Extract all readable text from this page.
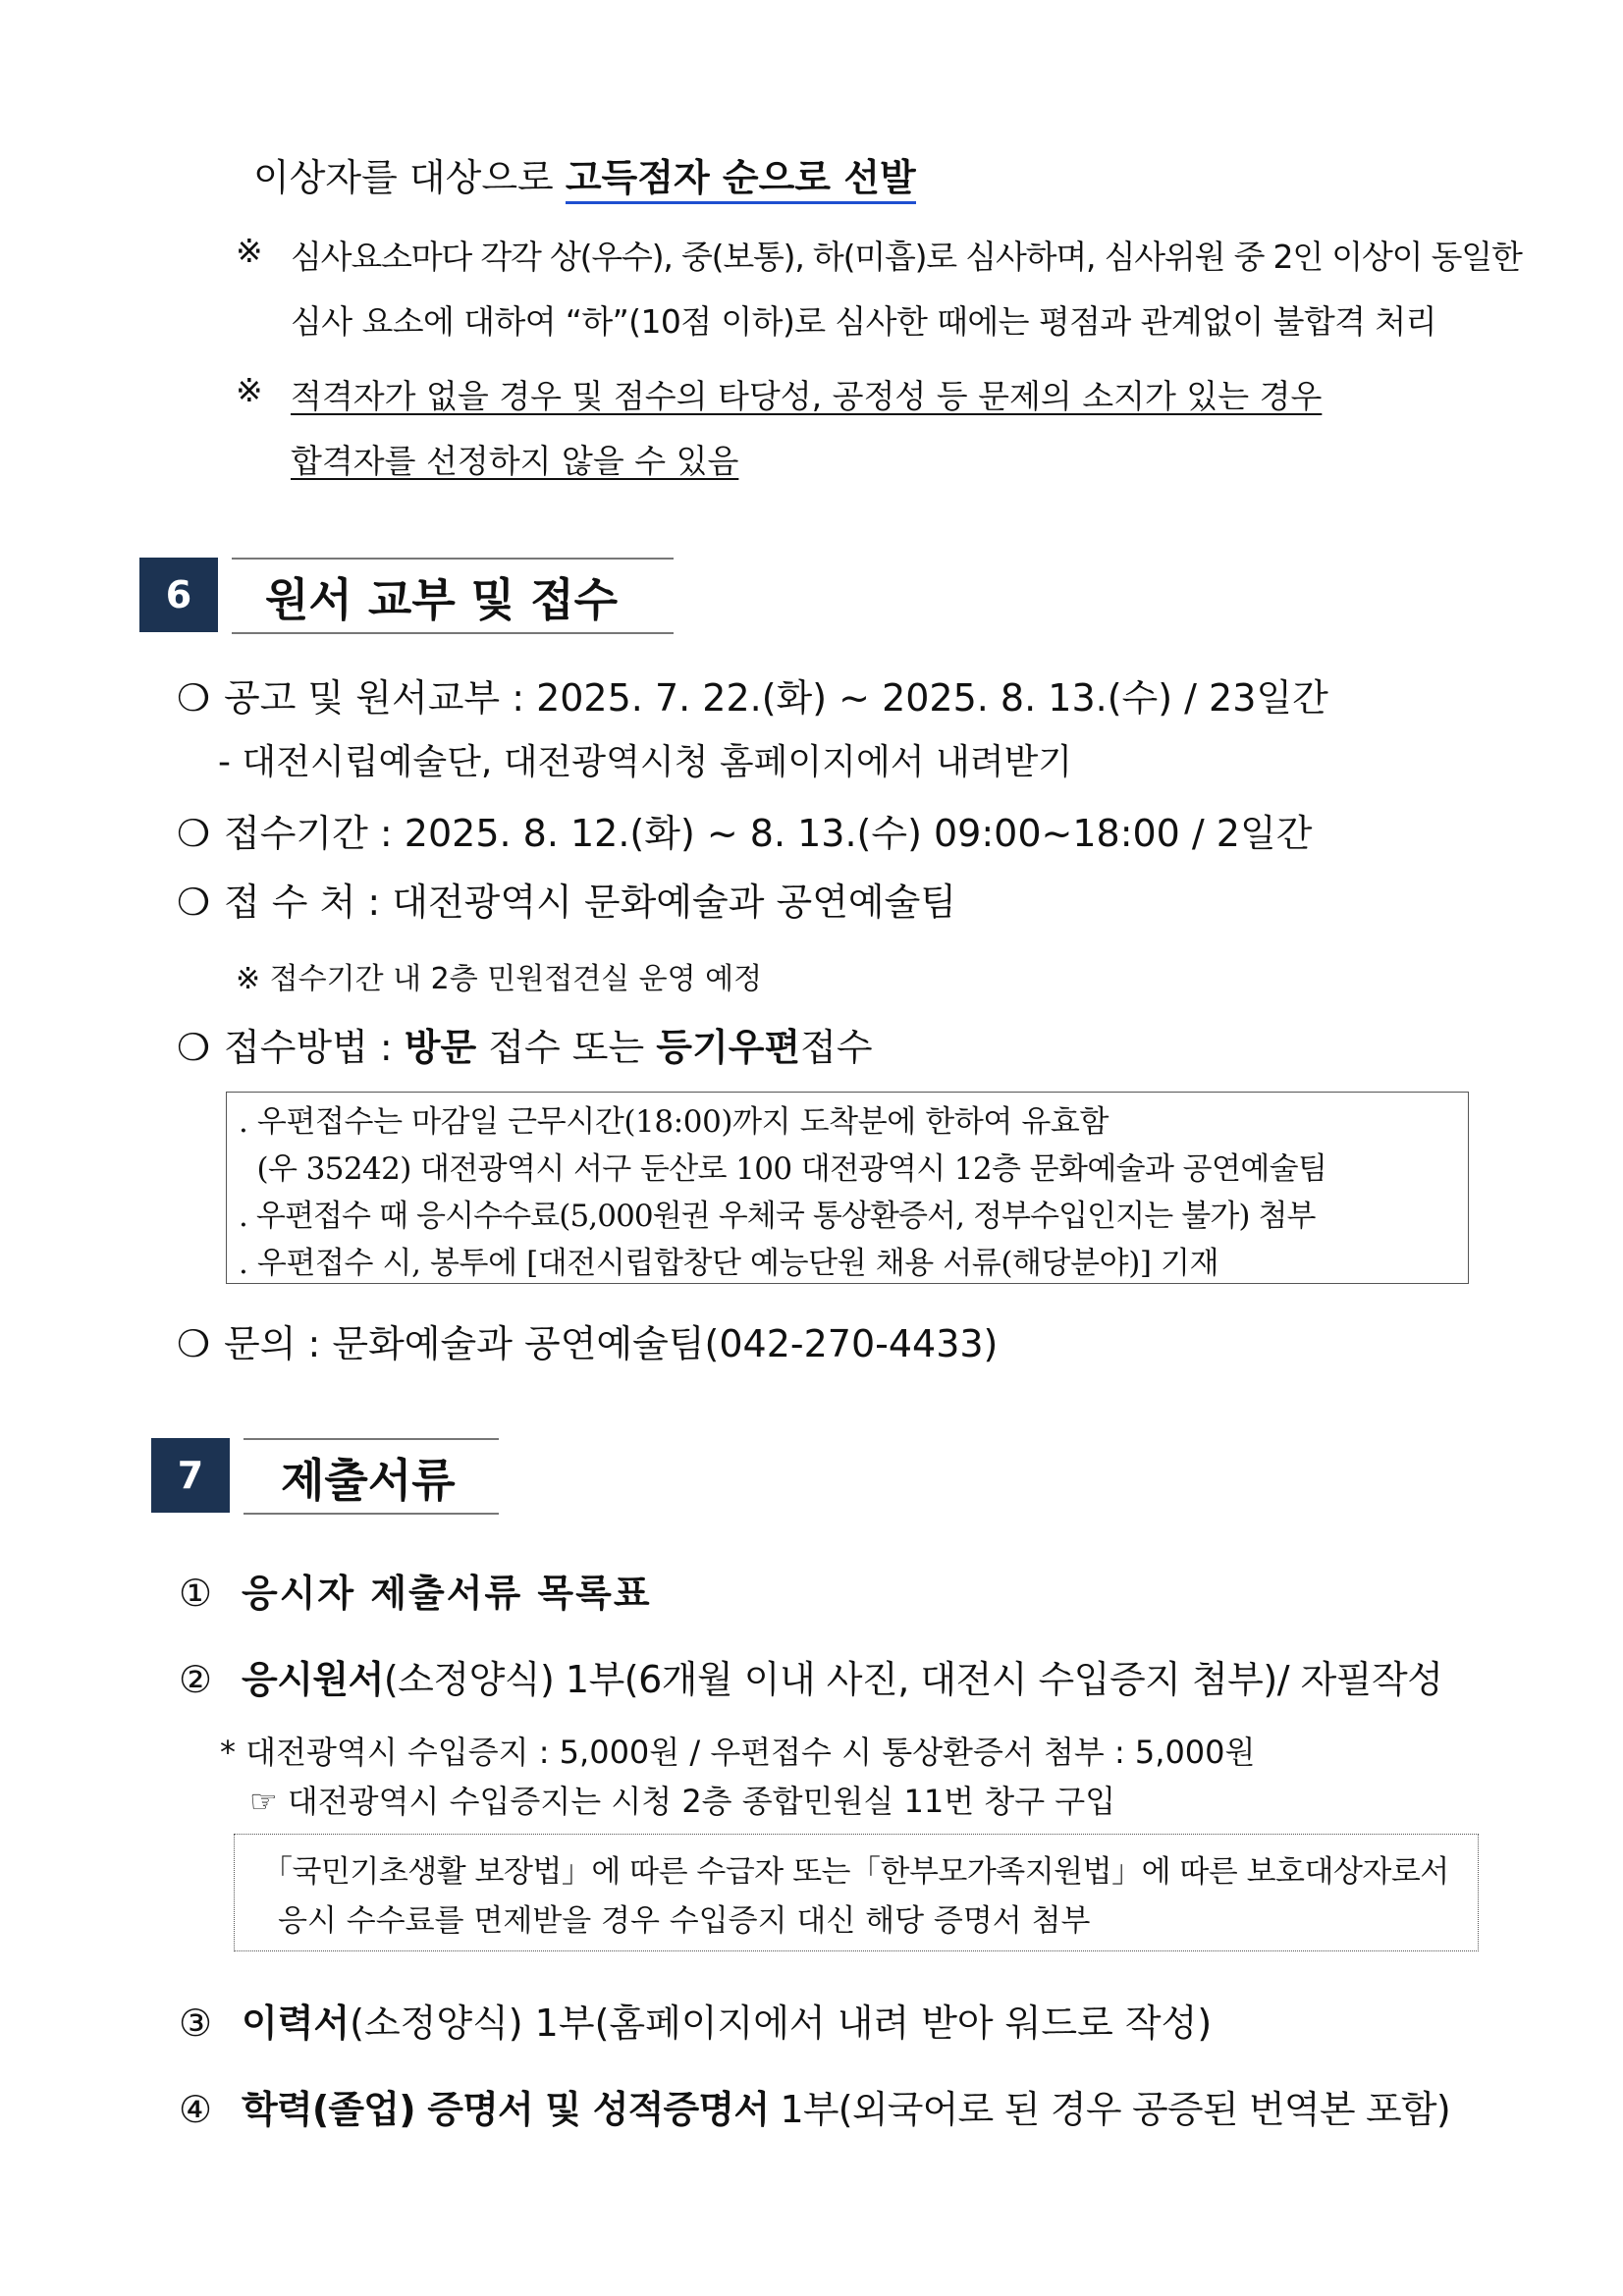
이상자를 대상으로 고득점자 순으로 선발
※ 심사요소마다 각각 상(우수), 중(보통), 하(미흡)로 심사하며, 심사위원 중 2인 이상이 동일한
심사 요소에 대하여 “하”(10점 이하)로 심사한 때에는 평점과 관계없이 불합격 처리
※ 적격자가 없을 경우 및 점수의 타당성, 공정성 등 문제의 소지가 있는 경우
합격자를 선정하지 않을 수 있음
6	원서 교부 및 접수
❍ 공고 및 원서교부 : 2025. 7. 22.(화) ~ 2025. 8. 13.(수) / 23일간
- 대전시립예술단, 대전광역시청 홈페이지에서 내려받기
❍ 접수기간 : 2025. 8. 12.(화) ~ 8. 13.(수) 09:00~18:00 / 2일간
❍ 접 수 처 : 대전광역시 문화예술과 공연예술팀
※ 접수기간 내 2층 민원접견실 운영 예정
❍ 접수방법 : 방문 접수 또는 등기우편접수
. 우편접수는 마감일 근무시간(18:00)까지 도착분에 한하여 유효함
(우 35242) 대전광역시 서구 둔산로 100 대전광역시 12층 문화예술과 공연예술팀
. 우편접수 때 응시수수료(5,000원권 우체국 통상환증서, 정부수입인지는 불가) 첨부
. 우편접수 시, 봉투에 [대전시립합창단 예능단원 채용 서류(해당분야)] 기재
❍ 문의 : 문화예술과 공연예술팀(042-270-4433)
7	제출서류
① 응시자 제출서류 목록표
② 응시원서(소정양식) 1부(6개월 이내 사진, 대전시 수입증지 첨부)/ 자필작성
* 대전광역시 수입증지 : 5,000원 / 우편접수 시 통상환증서 첨부 : 5,000원
☞ 대전광역시 수입증지는 시청 2층 종합민원실 11번 창구 구입
「국민기초생활 보장법」에 따른 수급자 또는「한부모가족지원법」에 따른 보호대상자로서
응시 수수료를 면제받을 경우 수입증지 대신 해당 증명서 첨부
③ 이력서(소정양식) 1부(홈페이지에서 내려 받아 워드로 작성)
④ 학력(졸업) 증명서 및 성적증명서 1부(외국어로 된 경우 공증된 번역본 포함)
